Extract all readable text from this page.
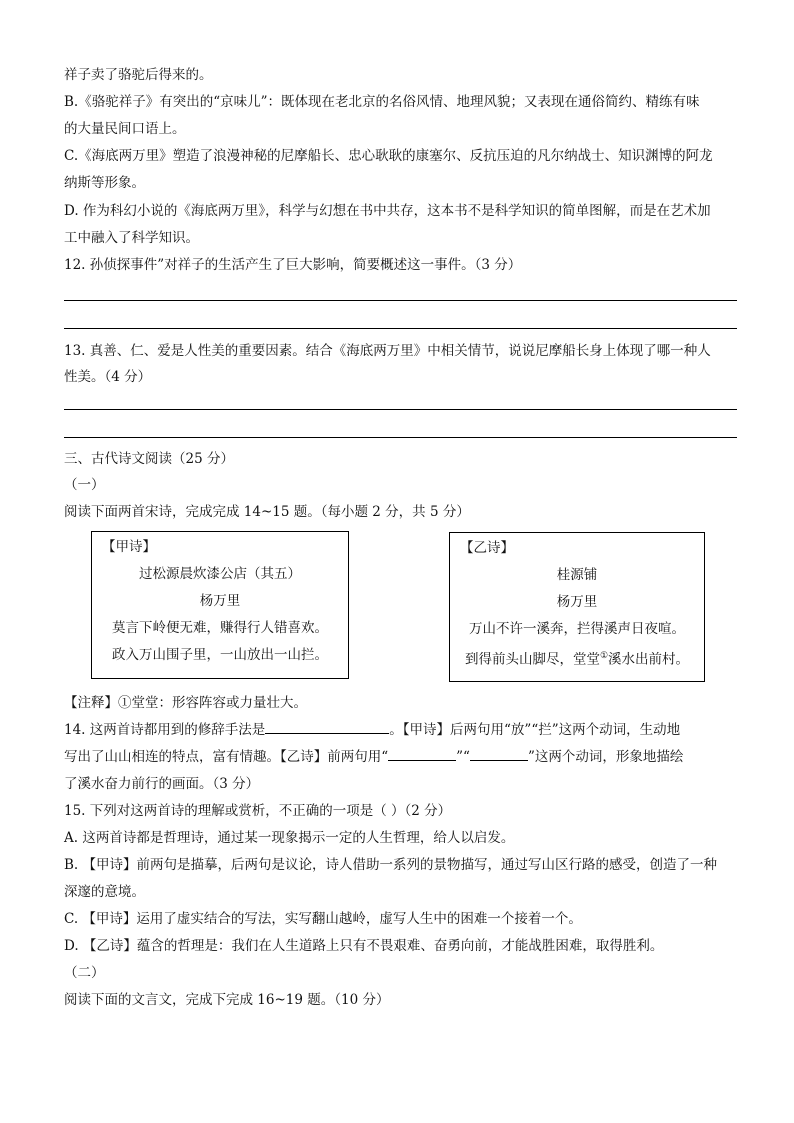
祥子卖了骆驼后得来的。
B.《骆驼祥子》有突出的“京味儿”：既体现在老北京的名俗风情、地理风貌；又表现在通俗简约、精练有味
的大量民间口语上。
C.《海底两万里》塑造了浪漫神秘的尼摩船长、忠心耿耿的康塞尔、反抗压迫的凡尔纳战士、知识渊博的阿龙
纳斯等形象。
D. 作为科幻小说的《海底两万里》，科学与幻想在书中共存，这本书不是科学知识的简单图解，而是在艺术加
工中融入了科学知识。
12. 孙侦探事件”对祥子的生活产生了巨大影响，简要概述这一事件。（3 分）
13. 真善、仁、爱是人性美的重要因素。结合《海底两万里》中相关情节，说说尼摩船长身上体现了哪一种人
性美。（4 分）
三、古代诗文阅读（25 分）
（一）
阅读下面两首宋诗，完成完成 14~15 题。（每小题 2 分，共 5 分）
【甲诗】
过松源晨炊漆公店（其五）
杨万里
莫言下岭便无难，赚得行人错喜欢。
政入万山围子里，一山放出一山拦。
【乙诗】
桂源铺
杨万里
万山不许一溪奔，拦得溪声日夜喧。
到得前头山脚尽，堂堂①溪水出前村。
【注释】①堂堂：形容阵容或力量壮大。
14. 这两首诗都用到的修辞手法是	。【甲诗】后两句用“放”“拦”这两个动词，生动地
写出了山山相连的特点，富有情趣。【乙诗】前两句用“	”“	”这两个动词，形象地描绘
了溪水奋力前行的画面。（3 分）
15. 下列对这两首诗的理解或赏析，不正确的一项是（ ）（2 分）
A. 这两首诗都是哲理诗，通过某一现象揭示一定的人生哲理，给人以启发。
B. 【甲诗】前两句是描摹，后两句是议论，诗人借助一系列的景物描写，通过写山区行路的感受，创造了一种
深邃的意境。
C. 【甲诗】运用了虚实结合的写法，实写翻山越岭，虚写人生中的困难一个接着一个。
D. 【乙诗】蕴含的哲理是：我们在人生道路上只有不畏艰难、奋勇向前，才能战胜困难，取得胜利。
（二）
阅读下面的文言文，完成下完成 16~19 题。（10 分）
